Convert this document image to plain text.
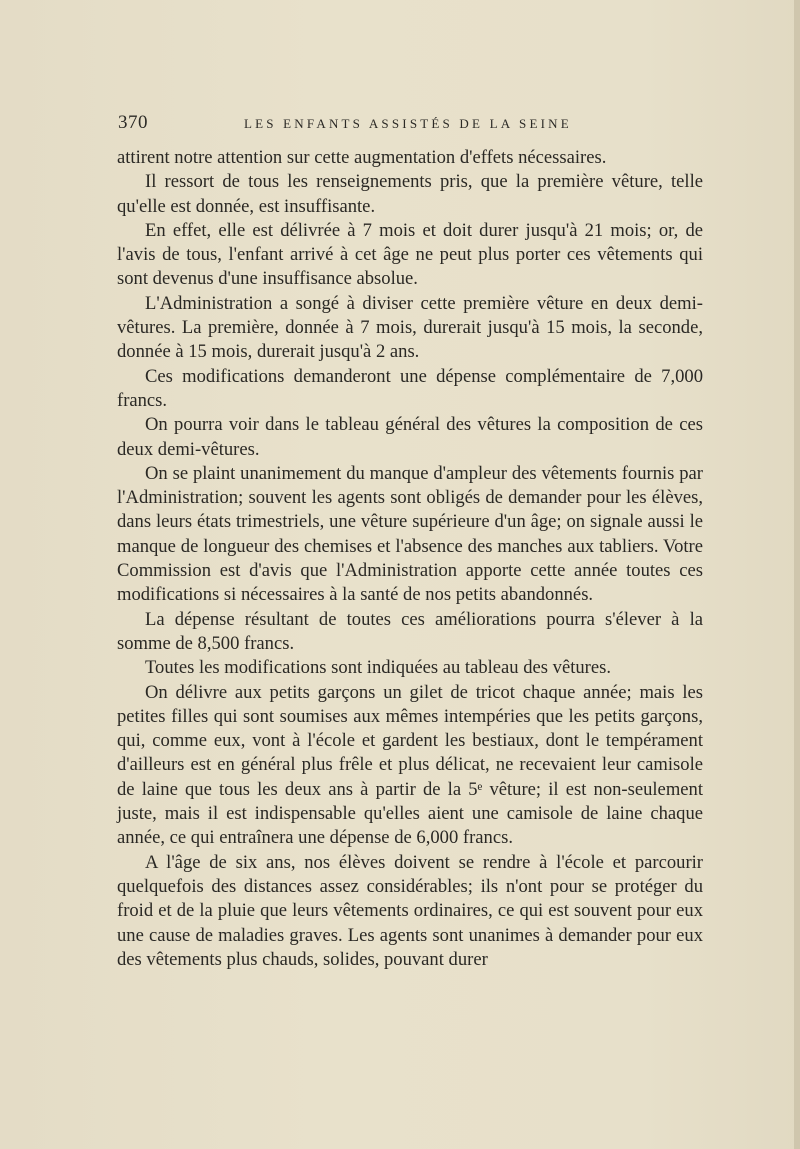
370	LES ENFANTS ASSISTÉS DE LA SEINE

attirent notre attention sur cette augmentation d'effets nécessaires.

Il ressort de tous les renseignements pris, que la première vêture, telle qu'elle est donnée, est insuffisante.

En effet, elle est délivrée à 7 mois et doit durer jusqu'à 21 mois; or, de l'avis de tous, l'enfant arrivé à cet âge ne peut plus porter ces vêtements qui sont devenus d'une insuffisance absolue.

L'Administration a songé à diviser cette première vêture en deux demi-vêtures. La première, donnée à 7 mois, durerait jusqu'à 15 mois, la seconde, donnée à 15 mois, durerait jusqu'à 2 ans.

Ces modifications demanderont une dépense complémentaire de 7,000 francs.

On pourra voir dans le tableau général des vêtures la composition de ces deux demi-vêtures.

On se plaint unanimement du manque d'ampleur des vêtements fournis par l'Administration; souvent les agents sont obligés de demander pour les élèves, dans leurs états trimestriels, une vêture supérieure d'un âge; on signale aussi le manque de longueur des chemises et l'absence des manches aux tabliers. Votre Commission est d'avis que l'Administration apporte cette année toutes ces modifications si nécessaires à la santé de nos petits abandonnés.

La dépense résultant de toutes ces améliorations pourra s'élever à la somme de 8,500 francs.

Toutes les modifications sont indiquées au tableau des vêtures.

On délivre aux petits garçons un gilet de tricot chaque année; mais les petites filles qui sont soumises aux mêmes intempéries que les petits garçons, qui, comme eux, vont à l'école et gardent les bestiaux, dont le tempérament d'ailleurs est en général plus frêle et plus délicat, ne recevaient leur camisole de laine que tous les deux ans à partir de la 5ᵉ vêture; il est non-seulement juste, mais il est indispensable qu'elles aient une camisole de laine chaque année, ce qui entraînera une dépense de 6,000 francs.

A l'âge de six ans, nos élèves doivent se rendre à l'école et parcourir quelquefois des distances assez considérables; ils n'ont pour se protéger du froid et de la pluie que leurs vêtements ordinaires, ce qui est souvent pour eux une cause de maladies graves. Les agents sont unanimes à demander pour eux des vêtements plus chauds, solides, pouvant durer
